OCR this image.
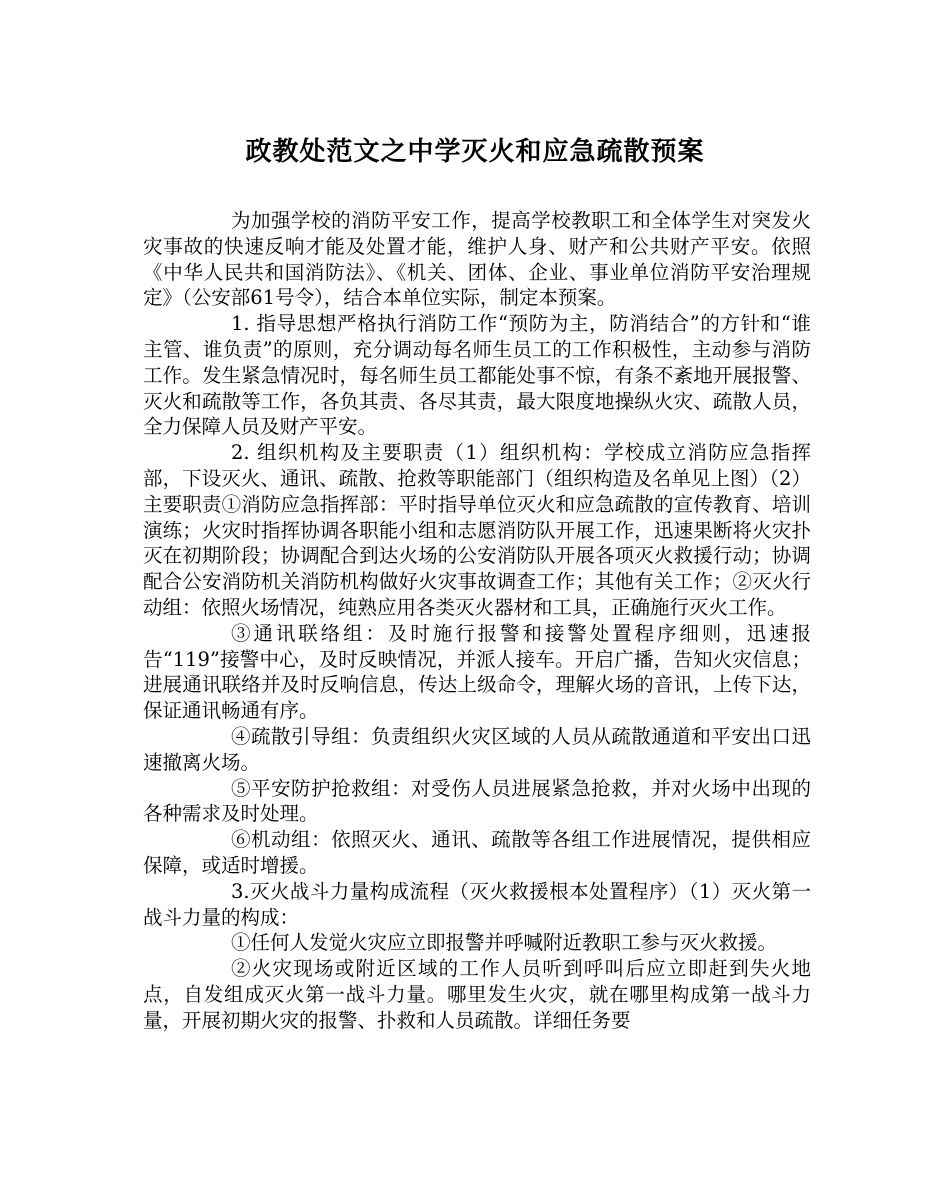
政教处范文之中学灭火和应急疏散预案

为加强学校的消防平安工作，提高学校教职工和全体学生对突发火灾事故的快速反响才能及处置才能，维护人身、财产和公共财产平安。依照《中华人民共和国消防法》、《机关、团体、企业、事业单位消防平安治理规定》（公安部61号令），结合本单位实际，制定本预案。

1. 指导思想严格执行消防工作“预防为主，防消结合”的方针和“谁主管、谁负责”的原则，充分调动每名师生员工的工作积极性，主动参与消防工作。发生紧急情况时，每名师生员工都能处事不惊，有条不紊地开展报警、灭火和疏散等工作，各负其责、各尽其责，最大限度地操纵火灾、疏散人员，全力保障人员及财产平安。

2. 组织机构及主要职责（1）组织机构：学校成立消防应急指挥部，下设灭火、通讯、疏散、抢救等职能部门（组织构造及名单见上图）（2）主要职责①消防应急指挥部：平时指导单位灭火和应急疏散的宣传教育、培训演练；火灾时指挥协调各职能小组和志愿消防队开展工作，迅速果断将火灾扑灭在初期阶段；协调配合到达火场的公安消防队开展各项灭火救援行动；协调配合公安消防机关消防机构做好火灾事故调查工作；其他有关工作；②灭火行动组：依照火场情况，纯熟应用各类灭火器材和工具，正确施行灭火工作。

③通讯联络组：及时施行报警和接警处置程序细则，迅速报告“119”接警中心，及时反映情况，并派人接车。开启广播，告知火灾信息；进展通讯联络并及时反响信息，传达上级命令，理解火场的音讯，上传下达，保证通讯畅通有序。

④疏散引导组：负责组织火灾区域的人员从疏散通道和平安出口迅速撤离火场。

⑤平安防护抢救组：对受伤人员进展紧急抢救，并对火场中出现的各种需求及时处理。

⑥机动组：依照灭火、通讯、疏散等各组工作进展情况，提供相应保障，或适时增援。

3.灭火战斗力量构成流程（灭火救援根本处置程序）（1）灭火第一战斗力量的构成：

①任何人发觉火灾应立即报警并呼喊附近教职工参与灭火救援。

②火灾现场或附近区域的工作人员听到呼叫后应立即赶到失火地点，自发组成灭火第一战斗力量。哪里发生火灾，就在哪里构成第一战斗力量，开展初期火灾的报警、扑救和人员疏散。详细任务要
